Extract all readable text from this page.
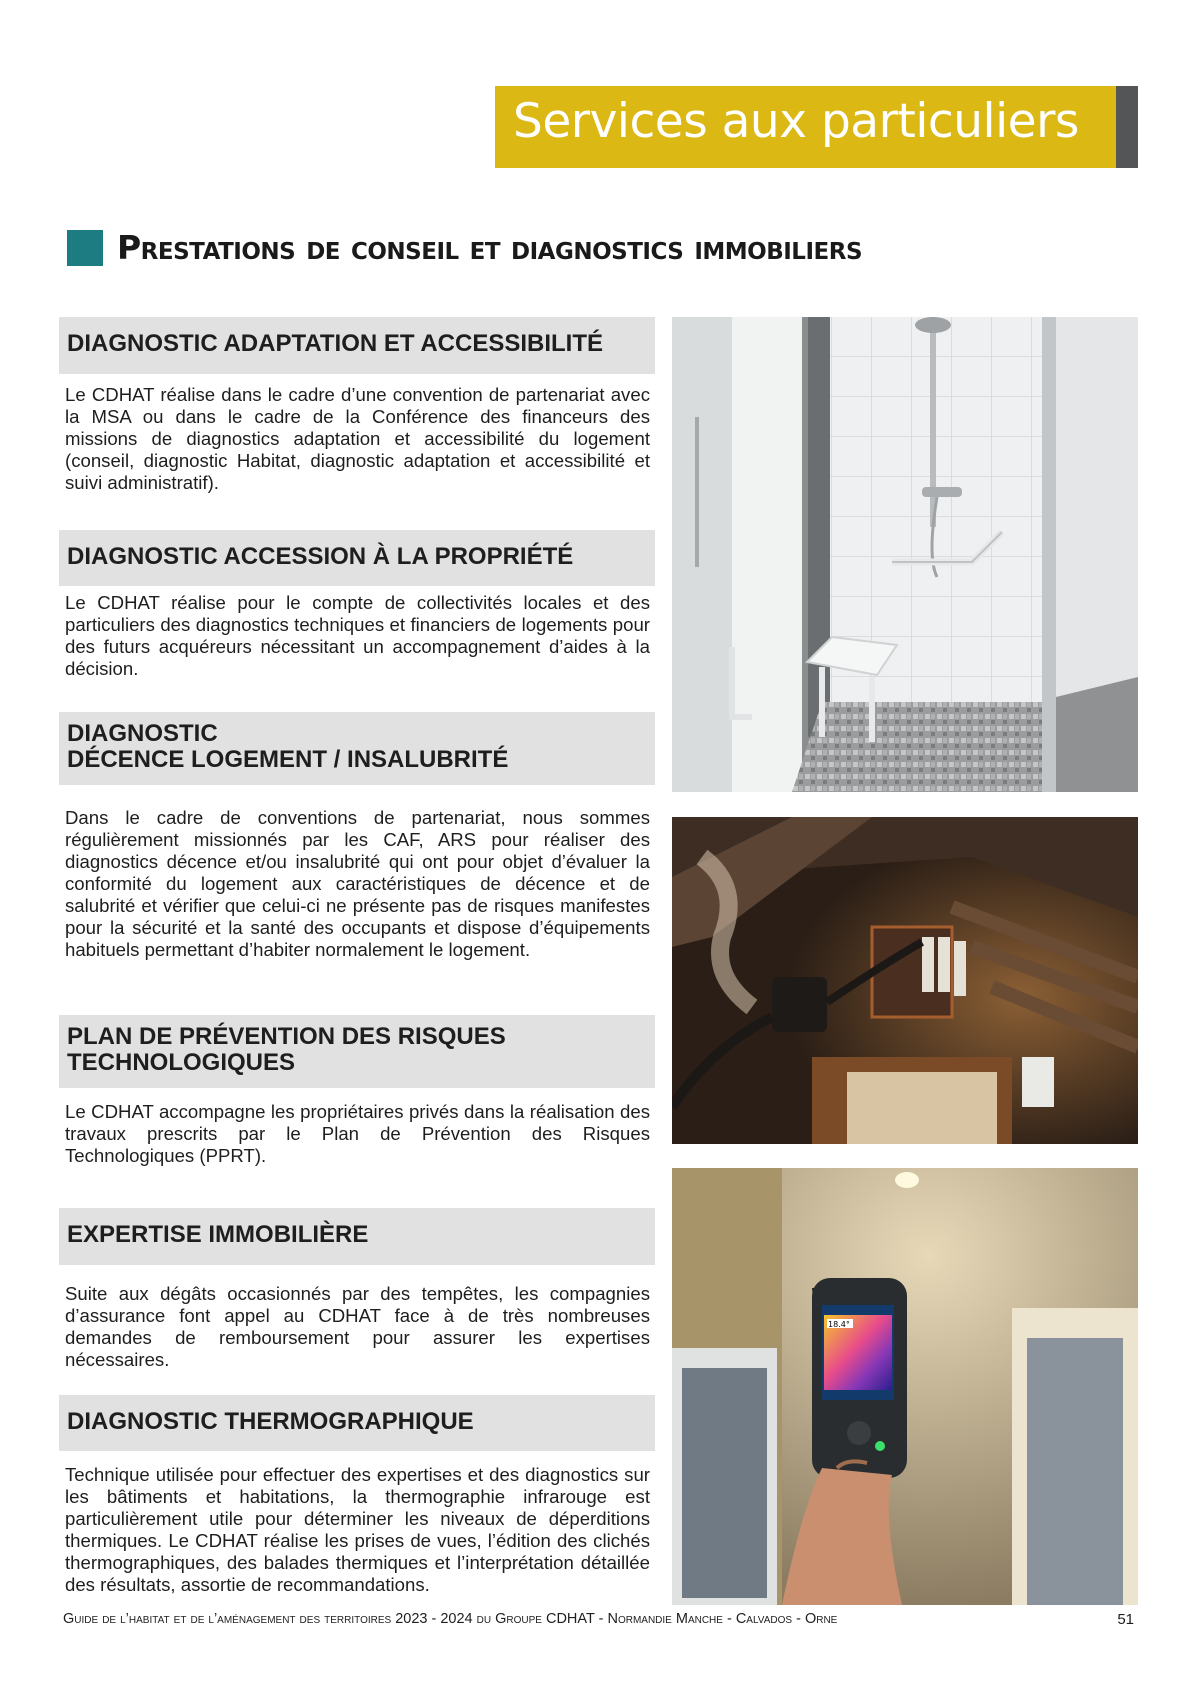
Services aux particuliers
Prestations de conseil et diagnostics immobiliers
DIAGNOSTIC ADAPTATION ET ACCESSIBILITÉ

Le CDHAT réalise dans le cadre d’une convention de partenariat avec la MSA ou dans le cadre de la Conférence des financeurs des missions de diagnostics adaptation et accessibilité du logement (conseil, diagnostic Habitat, diagnostic adaptation et accessibilité et suivi administratif).

DIAGNOSTIC ACCESSION À LA PROPRIÉTÉ

Le CDHAT réalise pour le compte de collectivités locales et des particuliers des diagnostics techniques et financiers de logements pour des futurs acquéreurs nécessitant un accompagnement d’aides à la décision.

DIAGNOSTIC
DÉCENCE LOGEMENT / INSALUBRITÉ

Dans le cadre de conventions de partenariat, nous sommes régulièrement missionnés par les CAF, ARS pour réaliser des diagnostics décence et/ou insalubrité qui ont pour objet d’évaluer la conformité du logement aux caractéristiques de décence et de salubrité et vérifier que celui-ci ne présente pas de risques manifestes pour la sécurité et la santé des occupants et dispose d’équipements habituels permettant d’habiter normalement le logement.

PLAN DE PRÉVENTION DES RISQUES
TECHNOLOGIQUES

Le CDHAT accompagne les propriétaires privés dans la réalisation des travaux prescrits par le Plan de Prévention des Risques Technologiques (PPRT).

EXPERTISE IMMOBILIÈRE

Suite aux dégâts occasionnés par des tempêtes, les compagnies d’assurance font appel au CDHAT face à de très nombreuses demandes de remboursement pour assurer les expertises nécessaires.

DIAGNOSTIC THERMOGRAPHIQUE

Technique utilisée pour effectuer des expertises et des diagnostics sur les bâtiments et habitations, la thermographie infrarouge est particulièrement utile pour déterminer les niveaux de déperditions thermiques. Le CDHAT réalise les prises de vues, l’édition des clichés thermographiques, des balades thermiques et l’interprétation détaillée des résultats, assortie de recommandations.

18.4°
Guide de l’habitat et de l’aménagement des territoires 2023 - 2024 du Groupe CDHAT - Normandie Manche - Calvados - Orne	51
